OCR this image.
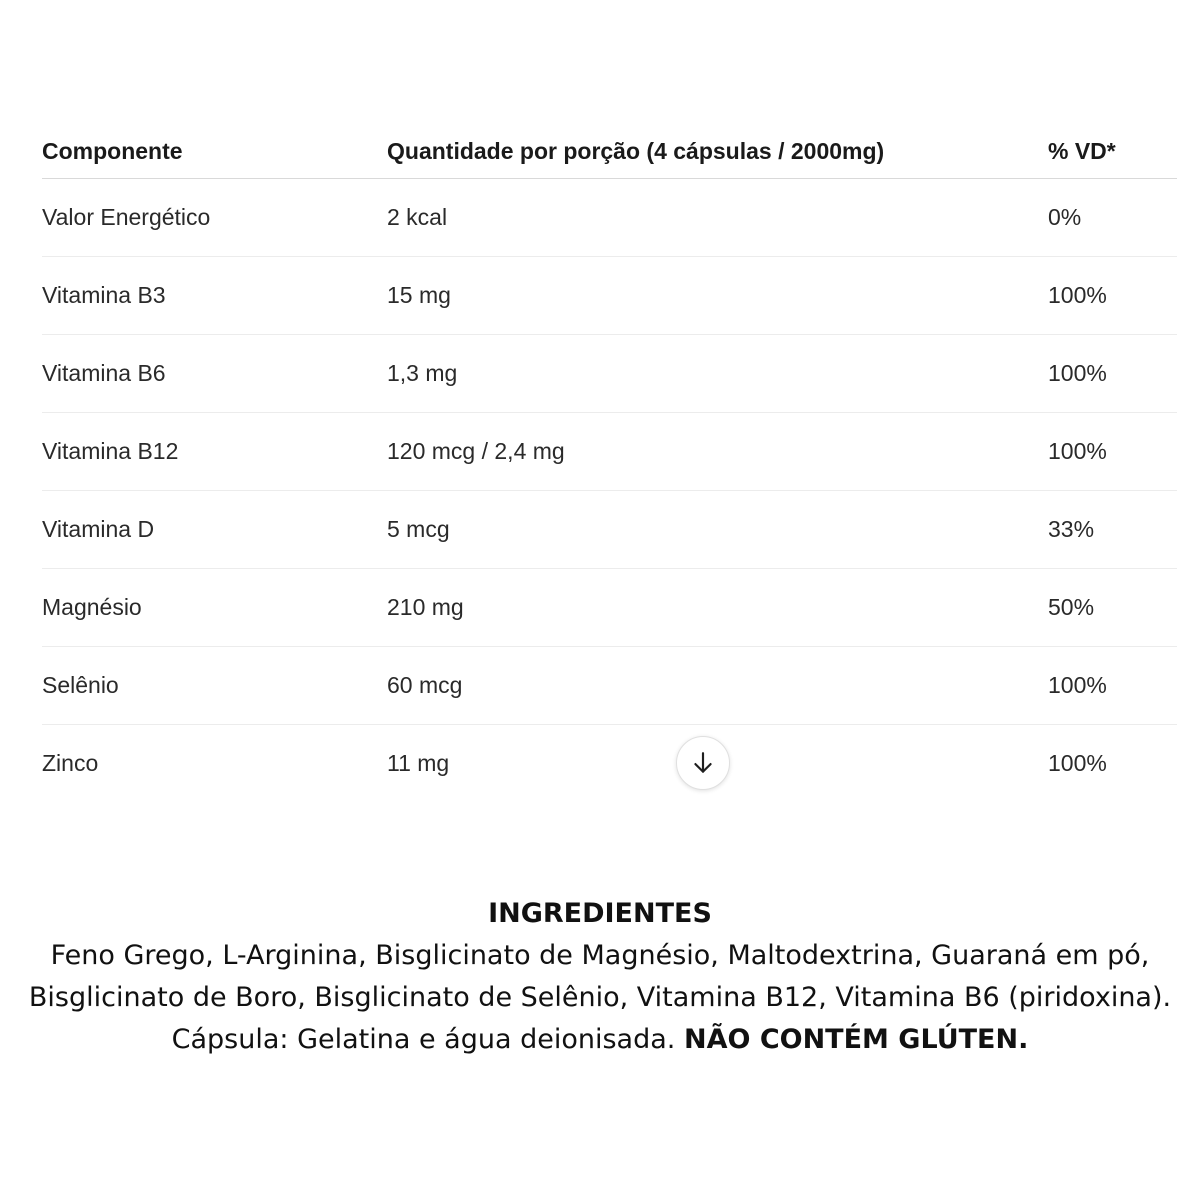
Componente	Quantidade por porção (4 cápsulas / 2000mg)	% VD*
Valor Energético	2 kcal	0%
Vitamina B3	15 mg	100%
Vitamina B6	1,3 mg	100%
Vitamina B12	120 mcg / 2,4 mg	100%
Vitamina D	5 mcg	33%
Magnésio	210 mg	50%
Selênio	60 mcg	100%
Zinco	11 mg	100%
INGREDIENTES
Feno Grego, L-Arginina, Bisglicinato de Magnésio, Maltodextrina, Guaraná em pó, Bisglicinato de Boro, Bisglicinato de Selênio, Vitamina B12, Vitamina B6 (piridoxina). Cápsula: Gelatina e água deionisada. NÃO CONTÉM GLÚTEN.
